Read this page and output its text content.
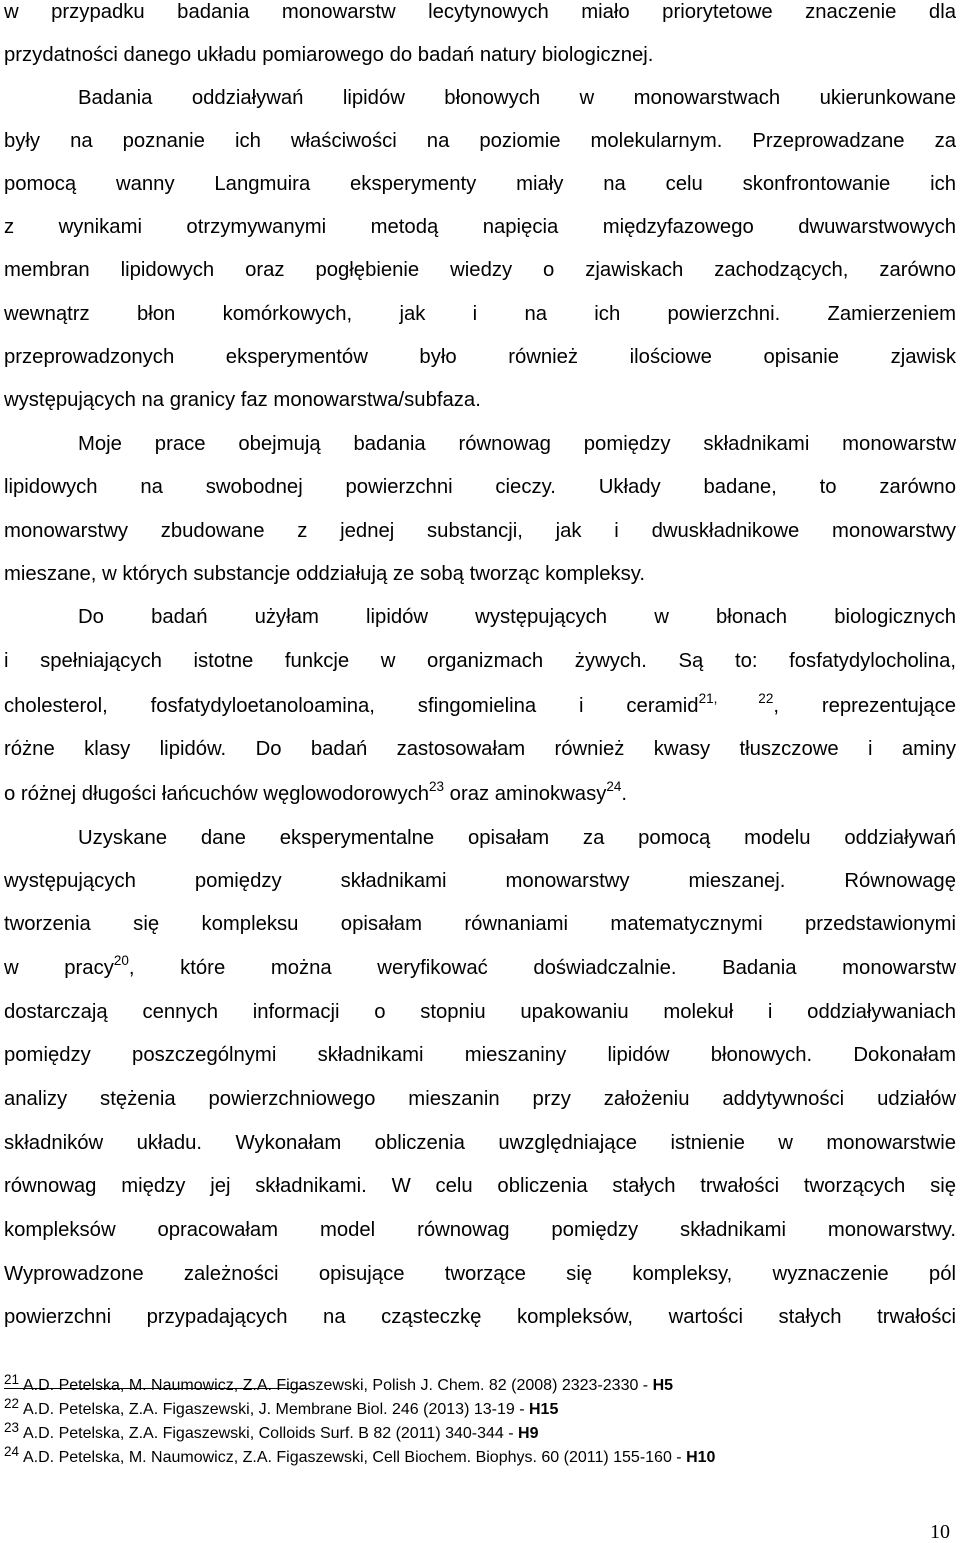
w przypadku badania monowarstw lecytynowych miało priorytetowe znaczenie dla
przydatności danego układu pomiarowego do badań natury biologicznej.
Badania oddziaływań lipidów błonowych w monowarstwach ukierunkowane
były na poznanie ich właściwości na poziomie molekularnym. Przeprowadzane za
pomocą wanny Langmuira eksperymenty miały na celu skonfrontowanie ich
z wynikami otrzymywanymi metodą napięcia międzyfazowego dwuwarstwowych
membran lipidowych oraz pogłębienie wiedzy o zjawiskach zachodzących, zarówno
wewnątrz błon komórkowych, jak i na ich powierzchni. Zamierzeniem
przeprowadzonych eksperymentów było również ilościowe opisanie zjawisk
występujących na granicy faz monowarstwa/subfaza.
Moje prace obejmują badania równowag pomiędzy składnikami monowarstw
lipidowych na swobodnej powierzchni cieczy. Układy badane, to zarówno
monowarstwy zbudowane z jednej substancji, jak i dwuskładnikowe monowarstwy
mieszane, w których substancje oddziałują ze sobą tworząc kompleksy.
Do badań użyłam lipidów występujących w błonach biologicznych
i spełniających istotne funkcje w organizmach żywych. Są to: fosfatydylocholina,
cholesterol, fosfatydyloetanoloamina, sfingomielina i ceramid$^{21, 22}$, reprezentujące
różne klasy lipidów. Do badań zastosowałam również kwasy tłuszczowe i aminy
o różnej długości łańcuchów węglowodorowych$^{23}$ oraz aminokwasy$^{24}$.
Uzyskane dane eksperymentalne opisałam za pomocą modelu oddziaływań
występujących pomiędzy składnikami monowarstwy mieszanej. Równowagę
tworzenia się kompleksu opisałam równaniami matematycznymi przedstawionymi
w pracy$^{20}$, które można weryfikować doświadczalnie. Badania monowarstw
dostarczają cennych informacji o stopniu upakowaniu molekuł i oddziaływaniach
pomiędzy poszczególnymi składnikami mieszaniny lipidów błonowych. Dokonałam
analizy stężenia powierzchniowego mieszanin przy założeniu addytywności udziałów
składników układu. Wykonałam obliczenia uwzględniające istnienie w monowarstwie
równowag między jej składnikami. W celu obliczenia stałych trwałości tworzących się
kompleksów opracowałam model równowag pomiędzy składnikami monowarstwy.
Wyprowadzone zależności opisujące tworzące się kompleksy, wyznaczenie pól
powierzchni przypadających na cząsteczkę kompleksów, wartości stałych trwałości
21 A.D. Petelska, M. Naumowicz, Z.A. Figaszewski, Polish J. Chem. 82 (2008) 2323-2330 - H5
22 A.D. Petelska, Z.A. Figaszewski, J. Membrane Biol. 246 (2013) 13-19 - H15
23 A.D. Petelska, Z.A. Figaszewski, Colloids Surf. B 82 (2011) 340-344 - H9
24 A.D. Petelska, M. Naumowicz, Z.A. Figaszewski, Cell Biochem. Biophys. 60 (2011) 155-160 - H10
10
